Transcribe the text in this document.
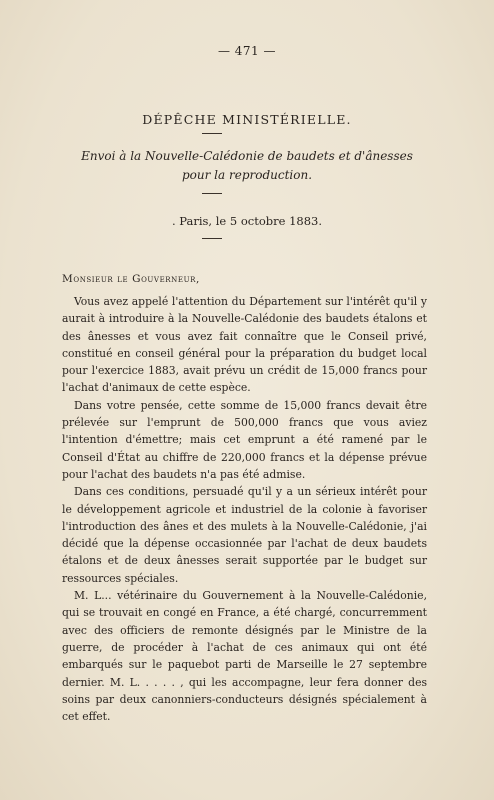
— 471 —
DÉPÊCHE MINISTÉRIELLE.
Envoi à la Nouvelle-Calédonie de baudets et d'ânesses
pour la reproduction.
. Paris, le 5 octobre 1883.
Monsieur le Gouverneur,

Vous avez appelé l'attention du Département sur l'intérêt qu'il y aurait à introduire à la Nouvelle-Calédonie des baudets étalons et des ânesses et vous avez fait connaître que le Conseil privé, constitué en conseil général pour la préparation du budget local pour l'exercice 1883, avait prévu un crédit de 15,000 francs pour l'achat d'animaux de cette espèce.

Dans votre pensée, cette somme de 15,000 francs devait être prélevée sur l'emprunt de 500,000 francs que vous aviez l'intention d'émettre; mais cet emprunt a été ramené par le Conseil d'État au chiffre de 220,000 francs et la dépense prévue pour l'achat des baudets n'a pas été admise.

Dans ces conditions, persuadé qu'il y a un sérieux intérêt pour le développement agricole et industriel de la colonie à favoriser l'introduction des ânes et des mulets à la Nouvelle-Calédonie, j'ai décidé que la dépense occasionnée par l'achat de deux baudets étalons et de deux ânesses serait supportée par le budget sur ressources spéciales.

M. L... vétérinaire du Gouvernement à la Nouvelle-Calédonie, qui se trouvait en congé en France, a été chargé, concurremment avec des officiers de remonte désignés par le Ministre de la guerre, de procéder à l'achat de ces animaux qui ont été embarqués sur le paquebot parti de Marseille le 27 septembre dernier. M. L. . . . . , qui les accompagne, leur fera donner des soins par deux canonniers-conducteurs désignés spécialement à cet effet.
